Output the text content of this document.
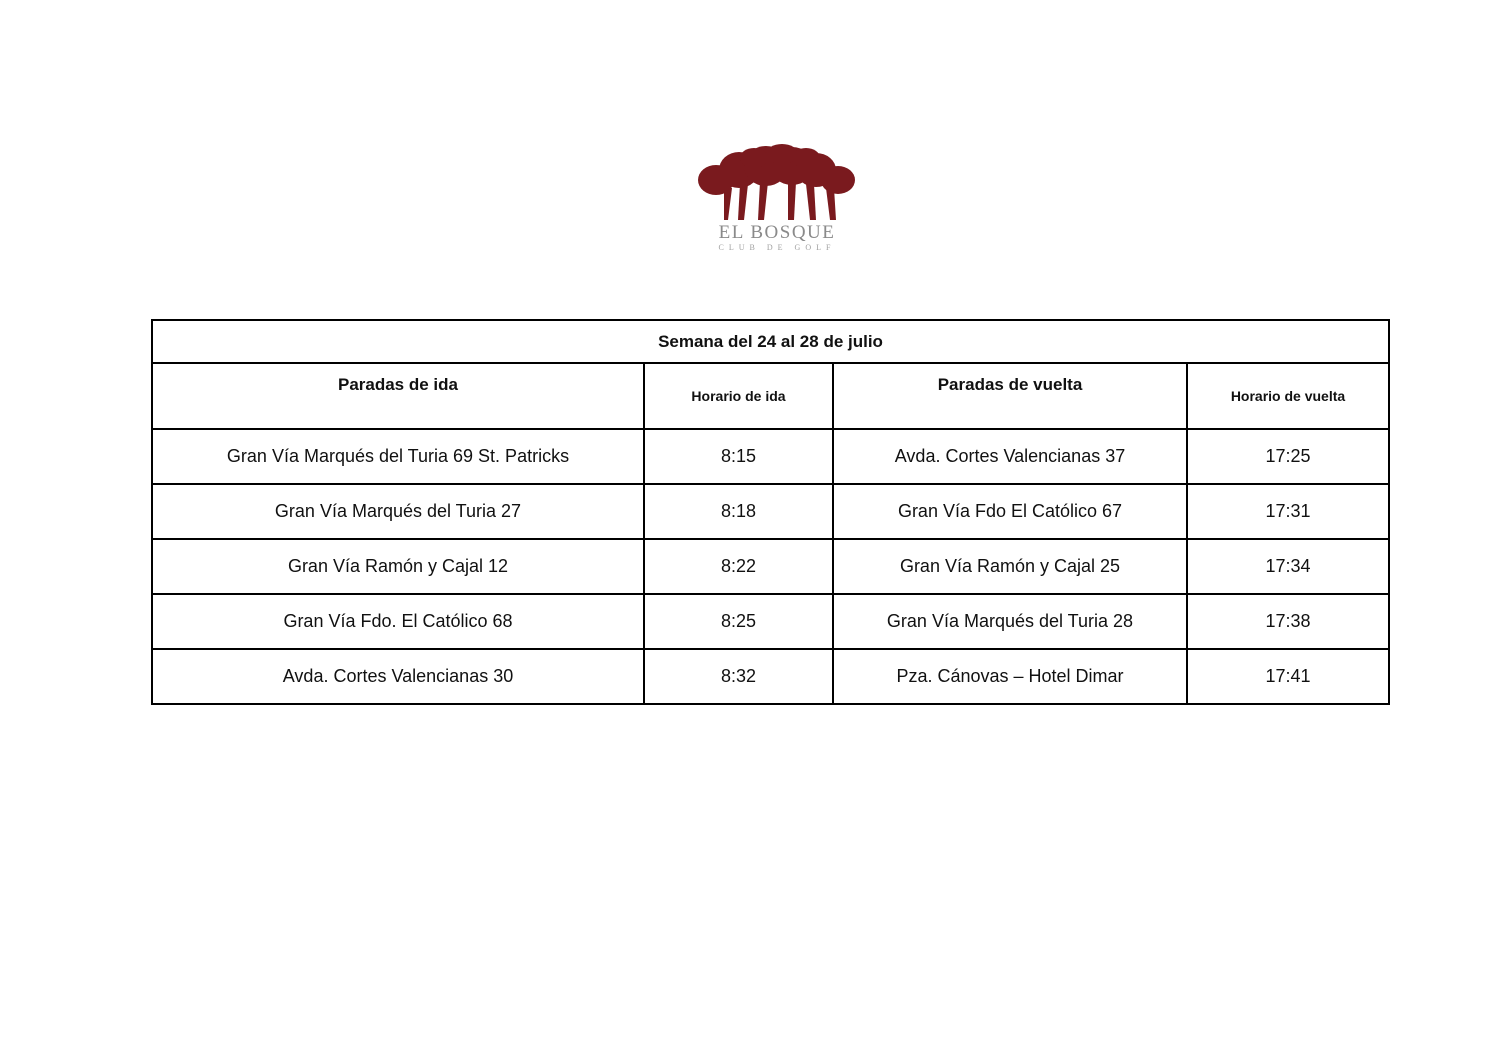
EL BOSQUE
CLUB DE GOLF
Semana del 24 al 28 de julio			
Paradas de ida	Horario de ida	Paradas de vuelta	Horario de vuelta
Gran Vía Marqués del Turia 69 St. Patricks	8:15	Avda. Cortes Valencianas 37	17:25
Gran Vía Marqués del Turia 27	8:18	Gran Vía Fdo El Católico 67	17:31
Gran Vía Ramón y Cajal 12	8:22	Gran Vía Ramón y Cajal 25	17:34
Gran Vía Fdo. El Católico 68	8:25	Gran Vía Marqués del Turia 28	17:38
Avda. Cortes Valencianas 30	8:32	Pza. Cánovas – Hotel Dimar	17:41
